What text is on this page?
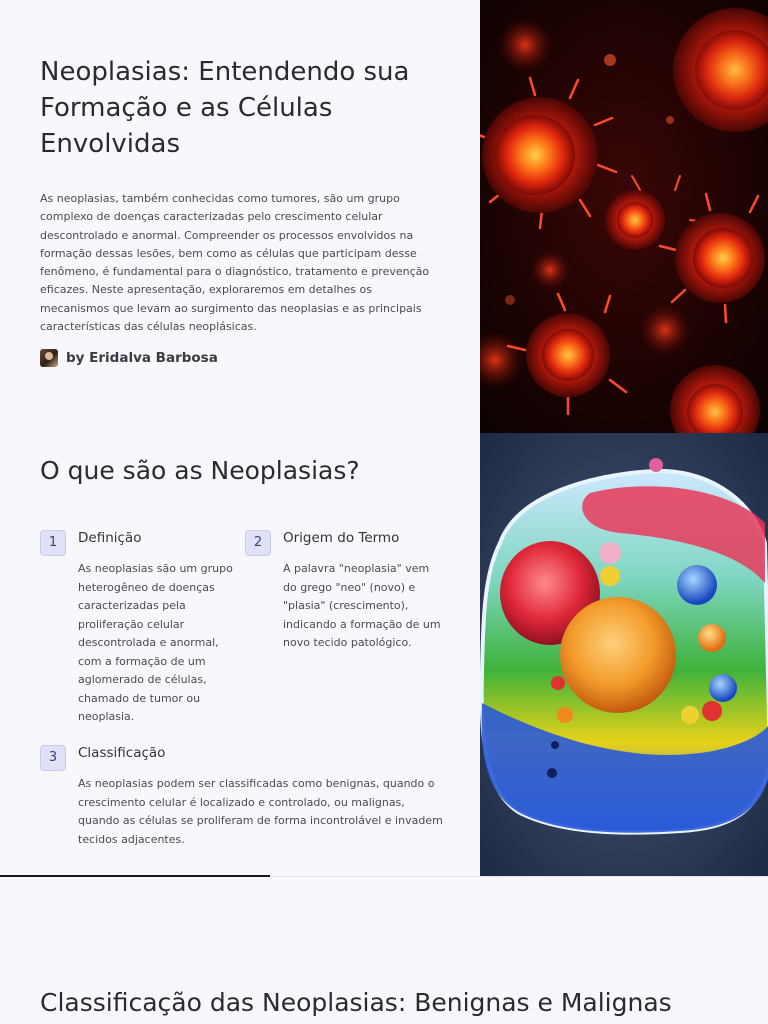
Neoplasias: Entendendo sua Formação e as Células Envolvidas

As neoplasias, também conhecidas como tumores, são um grupo complexo de doenças caracterizadas pelo crescimento celular descontrolado e anormal. Compreender os processos envolvidos na formação dessas lesões, bem como as células que participam desse fenômeno, é fundamental para o diagnóstico, tratamento e prevenção eficazes. Neste apresentação, exploraremos em detalhes os mecanismos que levam ao surgimento das neoplasias e as principais características das células neoplásicas.

by Eridalva Barbosa
O que são as Neoplasias?
1	Definição

As neoplasias são um grupo heterogêneo de doenças caracterizadas pela proliferação celular descontrolada e anormal, com a formação de um aglomerado de células, chamado de tumor ou neoplasia.

2	Origem do Termo

A palavra "neoplasia" vem do grego "neo" (novo) e "plasia" (crescimento), indicando a formação de um novo tecido patológico.

3	Classificação

As neoplasias podem ser classificadas como benignas, quando o crescimento celular é localizado e controlado, ou malignas, quando as células se proliferam de forma incontrolável e invadem tecidos adjacentes.

Classificação das Neoplasias: Benignas e Malignas
